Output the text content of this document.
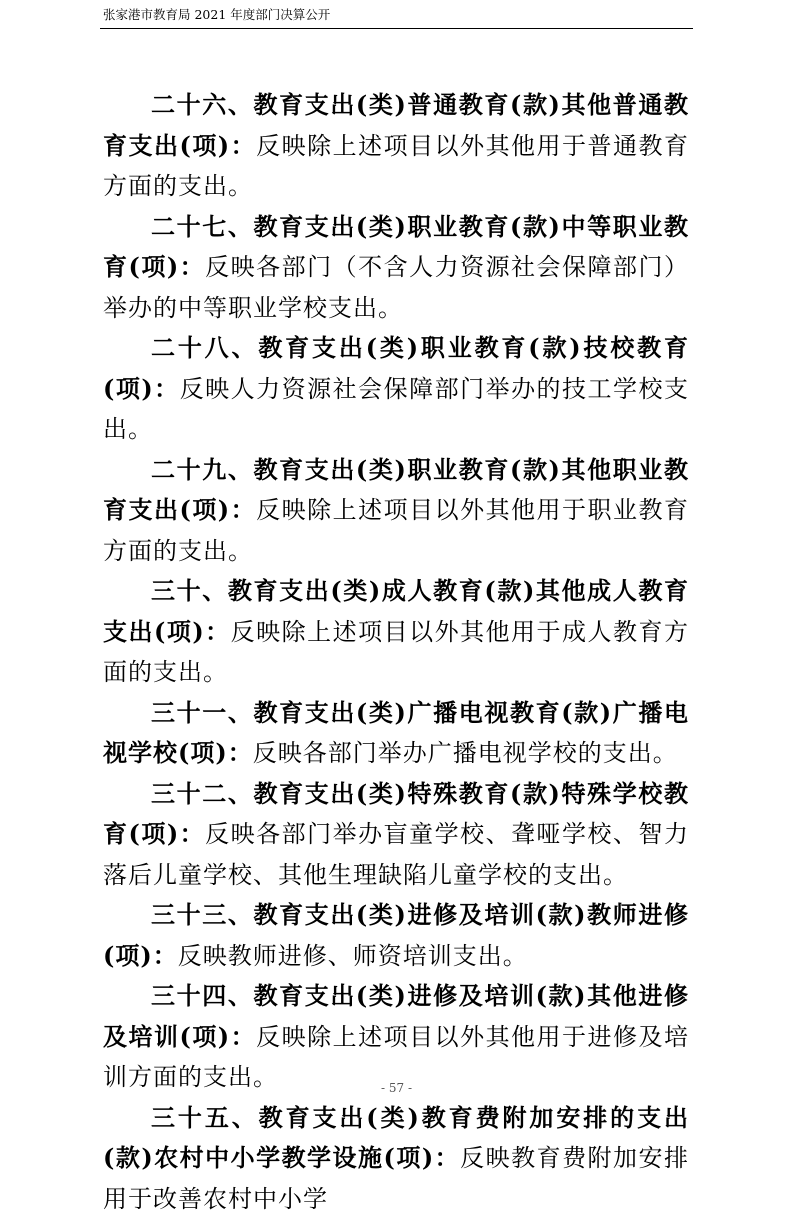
张家港市教育局 2021 年度部门决算公开

二十六、教育支出(类)普通教育(款)其他普通教育支出(项)：反映除上述项目以外其他用于普通教育方面的支出。

二十七、教育支出(类)职业教育(款)中等职业教育(项)：反映各部门（不含人力资源社会保障部门）举办的中等职业学校支出。

二十八、教育支出(类)职业教育(款)技校教育(项)：反映人力资源社会保障部门举办的技工学校支出。

二十九、教育支出(类)职业教育(款)其他职业教育支出(项)：反映除上述项目以外其他用于职业教育方面的支出。

三十、教育支出(类)成人教育(款)其他成人教育支出(项)：反映除上述项目以外其他用于成人教育方面的支出。

三十一、教育支出(类)广播电视教育(款)广播电视学校(项)：反映各部门举办广播电视学校的支出。

三十二、教育支出(类)特殊教育(款)特殊学校教育(项)：反映各部门举办盲童学校、聋哑学校、智力落后儿童学校、其他生理缺陷儿童学校的支出。

三十三、教育支出(类)进修及培训(款)教师进修(项)：反映教师进修、师资培训支出。

三十四、教育支出(类)进修及培训(款)其他进修及培训(项)：反映除上述项目以外其他用于进修及培训方面的支出。

三十五、教育支出(类)教育费附加安排的支出(款)农村中小学教学设施(项)：反映教育费附加安排用于改善农村中小学

- 57 -
